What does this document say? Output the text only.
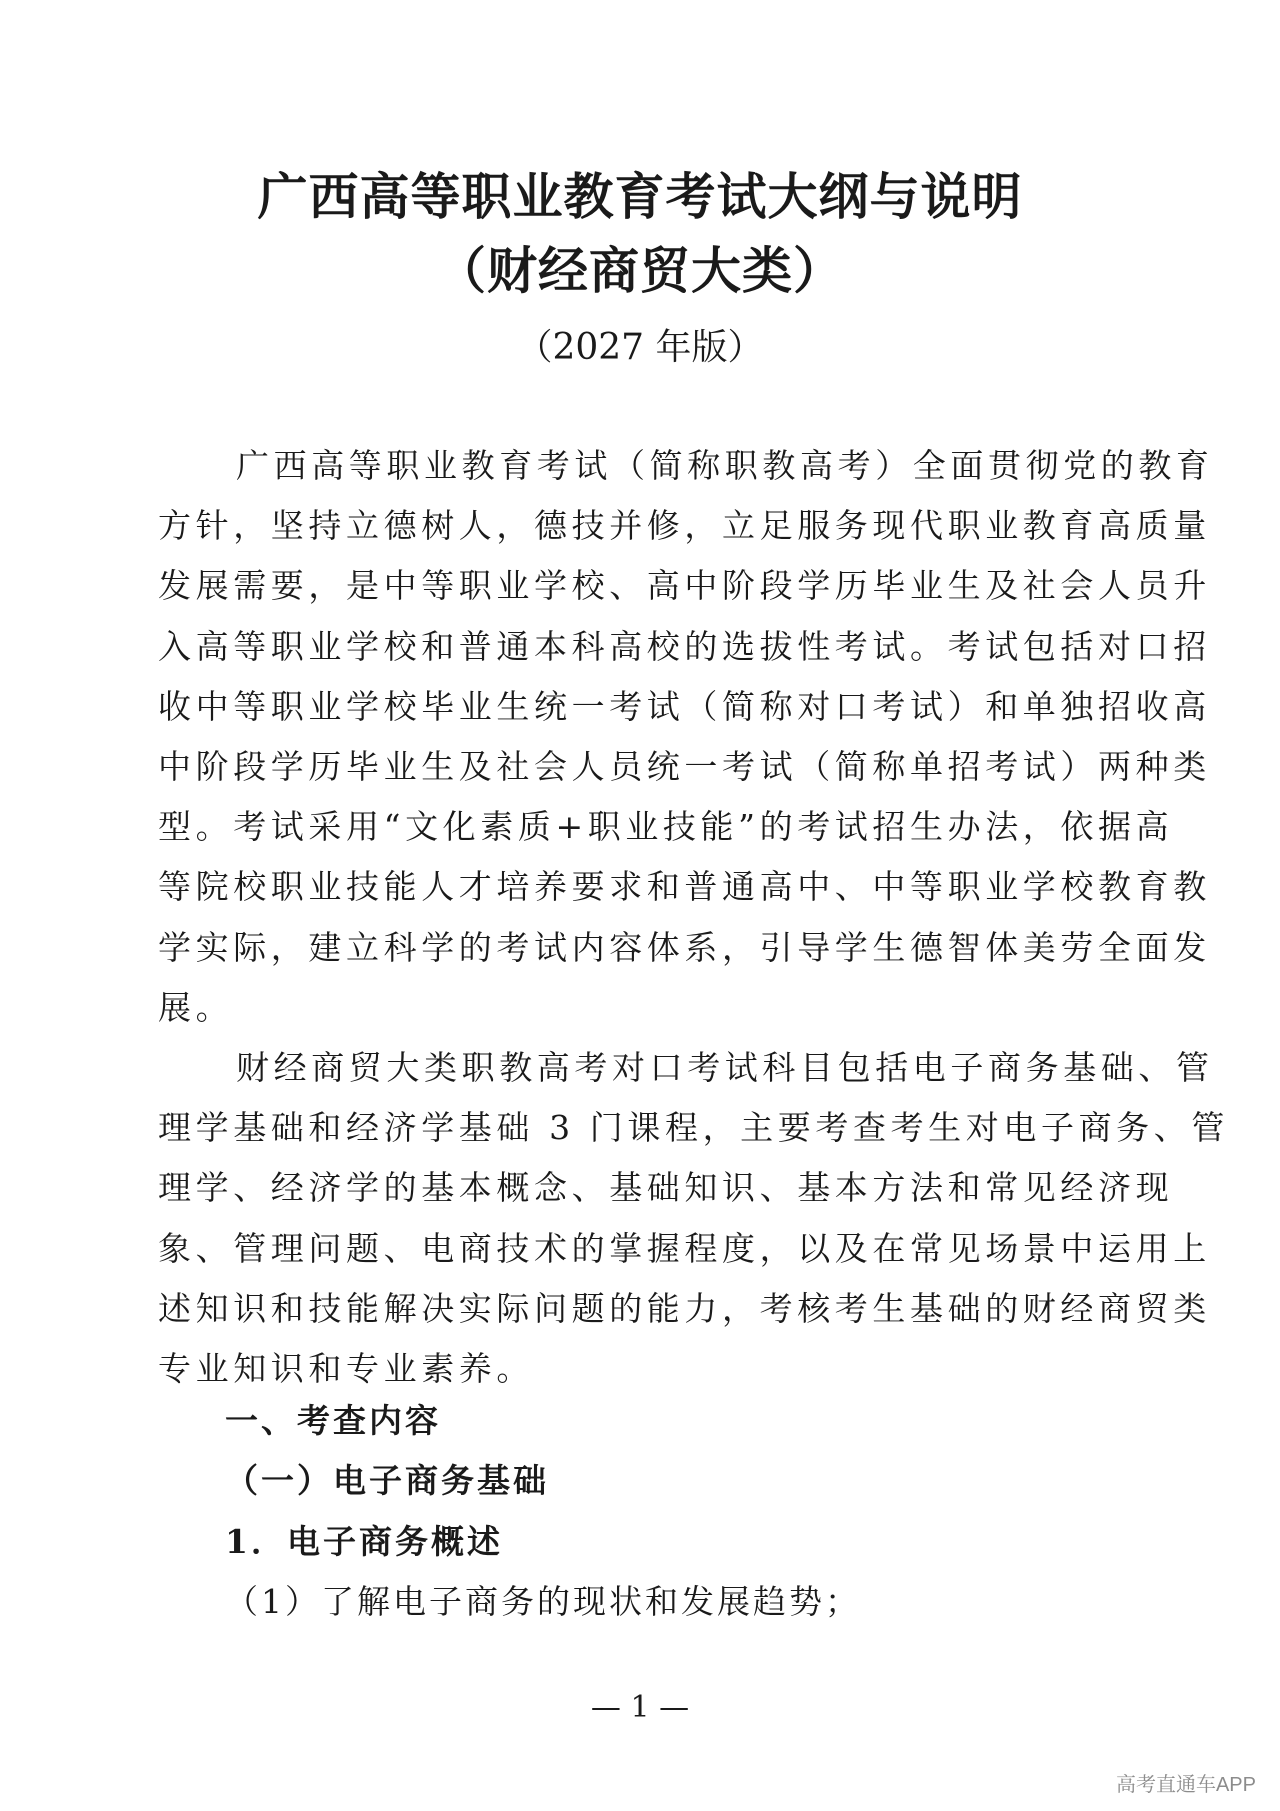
广西高等职业教育考试大纲与说明
（财经商贸大类）
（2027 年版）
广西高等职业教育考试（简称职教高考）全面贯彻党的教育
方针，坚持立德树人，德技并修，立足服务现代职业教育高质量
发展需要，是中等职业学校、高中阶段学历毕业生及社会人员升
入高等职业学校和普通本科高校的选拔性考试。考试包括对口招
收中等职业学校毕业生统一考试（简称对口考试）和单独招收高
中阶段学历毕业生及社会人员统一考试（简称单招考试）两种类
型。考试采用“文化素质+职业技能”的考试招生办法，依据高
等院校职业技能人才培养要求和普通高中、中等职业学校教育教
学实际，建立科学的考试内容体系，引导学生德智体美劳全面发
展。
财经商贸大类职教高考对口考试科目包括电子商务基础、管
理学基础和经济学基础 3 门课程，主要考查考生对电子商务、管
理学、经济学的基本概念、基础知识、基本方法和常见经济现
象、管理问题、电商技术的掌握程度，以及在常见场景中运用上
述知识和技能解决实际问题的能力，考核考生基础的财经商贸类
专业知识和专业素养。
一、考查内容
（一）电子商务基础
1．电子商务概述

（1）了解电子商务的现状和发展趋势；

— 1 —
高考直通车APP
